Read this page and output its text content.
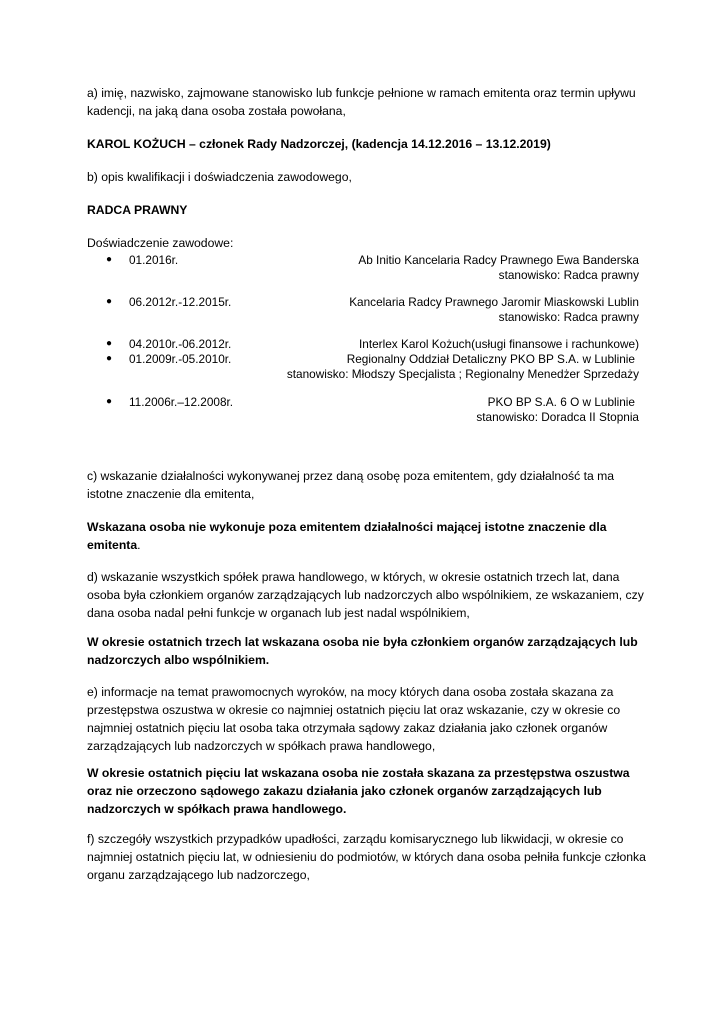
a) imię, nazwisko, zajmowane stanowisko lub funkcje pełnione w ramach emitenta oraz termin upływu kadencji, na jaką dana osoba została powołana,

KAROL KOŻUCH – członek Rady Nadzorczej, (kadencja 14.12.2016 – 13.12.2019)

b) opis kwalifikacji i doświadczenia zawodowego,

RADCA PRAWNY

Doświadczenie zawodowe:

● 01.2016r.	Ab Initio Kancelaria Radcy Prawnego Ewa Banderska
stanowisko: Radca prawny
● 06.2012r.-12.2015r.	Kancelaria Radcy Prawnego Jaromir Miaskowski Lublin
stanowisko: Radca prawny
● 04.2010r.-06.2012r.	Interlex Karol Kożuch(usługi finansowe i rachunkowe)
● 01.2009r.-05.2010r.	Regionalny Oddział Detaliczny PKO BP S.A. w Lublinie
stanowisko: Młodszy Specjalista ; Regionalny Menedżer Sprzedaży
● 11.2006r.–12.2008r.	PKO BP S.A. 6 O w Lublinie
stanowisko: Doradca II Stopnia

c) wskazanie działalności wykonywanej przez daną osobę poza emitentem, gdy działalność ta ma istotne znaczenie dla emitenta,

Wskazana osoba nie wykonuje poza emitentem działalności mającej istotne znaczenie dla emitenta.

d) wskazanie wszystkich spółek prawa handlowego, w których, w okresie ostatnich trzech lat, dana osoba była członkiem organów zarządzających lub nadzorczych albo wspólnikiem, ze wskazaniem, czy dana osoba nadal pełni funkcje w organach lub jest nadal wspólnikiem,

W okresie ostatnich trzech lat wskazana osoba nie była członkiem organów zarządzających lub nadzorczych albo wspólnikiem.

e) informacje na temat prawomocnych wyroków, na mocy których dana osoba została skazana za przestępstwa oszustwa w okresie co najmniej ostatnich pięciu lat oraz wskazanie, czy w okresie co najmniej ostatnich pięciu lat osoba taka otrzymała sądowy zakaz działania jako członek organów zarządzających lub nadzorczych w spółkach prawa handlowego,

W okresie ostatnich pięciu lat wskazana osoba nie została skazana za przestępstwa oszustwa oraz nie orzeczono sądowego zakazu działania jako członek organów zarządzających lub nadzorczych w spółkach prawa handlowego.

f) szczegóły wszystkich przypadków upadłości, zarządu komisarycznego lub likwidacji, w okresie co najmniej ostatnich pięciu lat, w odniesieniu do podmiotów, w których dana osoba pełniła funkcje członka organu zarządzającego lub nadzorczego,
